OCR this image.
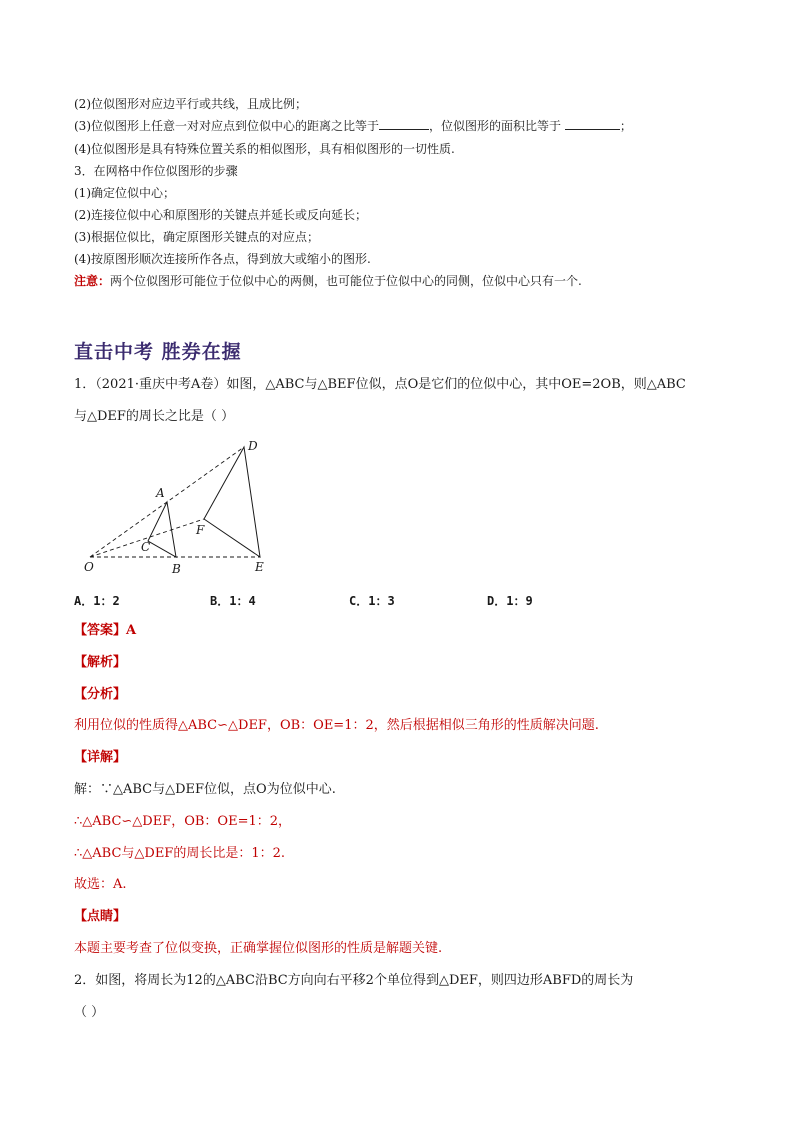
(2)位似图形对应边平行或共线，且成比例；
(3)位似图形上任意一对对应点到位似中心的距离之比等于	，位似图形的面积比等于	；
(4)位似图形是具有特殊位置关系的相似图形，具有相似图形的一切性质.
3．在网格中作位似图形的步骤
(1)确定位似中心；
(2)连接位似中心和原图形的关键点并延长或反向延长；
(3)根据位似比，确定原图形关键点的对应点；
(4)按原图形顺次连接所作各点，得到放大或缩小的图形.
注意：两个位似图形可能位于位似中心的两侧，也可能位于位似中心的同侧，位似中心只有一个.
直击中考 胜券在握
1．（2021·重庆中考A卷）如图，△ABC与△BEF位似，点O是它们的位似中心，其中OE=2OB，则△ABC
与△DEF的周长之比是（ ）
D
A
F
C
O	B	E
A．1：2	B．1：4	C．1：3	D．1：9
【答案】A
【解析】
【分析】
利用位似的性质得△ABC∽△DEF，OB：OE=1：2，然后根据相似三角形的性质解决问题.
【详解】
解：∵△ABC与△DEF位似，点O为位似中心.
∴△ABC∽△DEF，OB：OE=1：2，
∴△ABC与△DEF的周长比是：1：2.
故选：A.
【点睛】
本题主要考查了位似变换，正确掌握位似图形的性质是解题关键.
2．如图，将周长为12的△ABC沿BC方向向右平移2个单位得到△DEF，则四边形ABFD的周长为
（ ）
